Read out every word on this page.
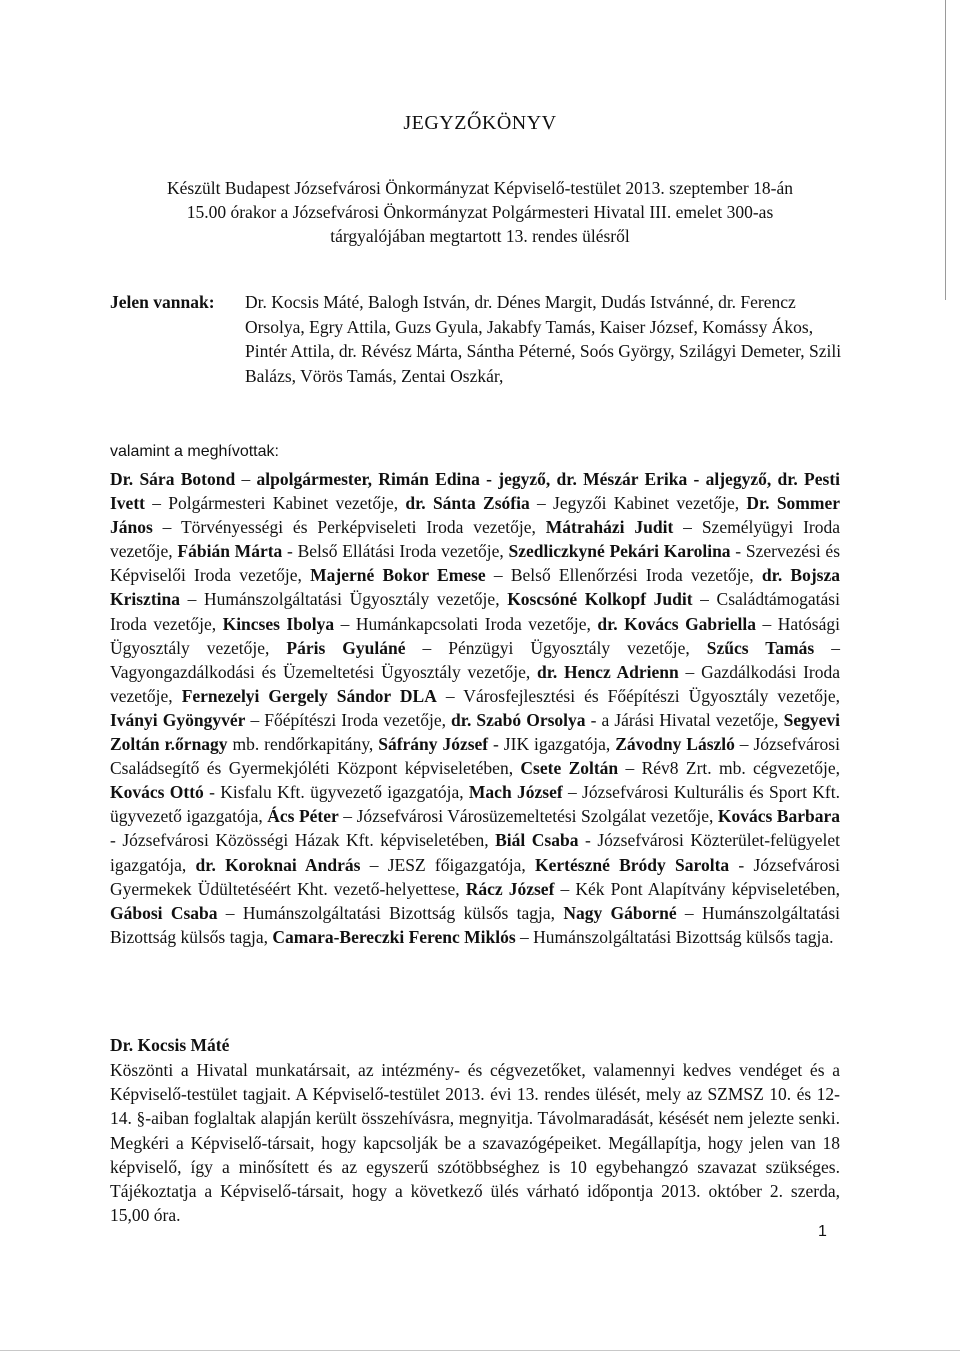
JEGYZŐKÖNYV
Készült Budapest Józsefvárosi Önkormányzat Képviselő-testület 2013. szeptember 18-án
15.00 órakor a Józsefvárosi Önkormányzat Polgármesteri Hivatal III. emelet 300-as
tárgyalójában megtartott 13. rendes ülésről
Jelen vannak:	Dr. Kocsis Máté, Balogh István, dr. Dénes Margit, Dudás Istvánné, dr. Ferencz Orsolya, Egry Attila, Guzs Gyula, Jakabfy Tamás, Kaiser József, Komássy Ákos, Pintér Attila, dr. Révész Márta, Sántha Péterné, Soós György, Szilágyi Demeter, Szili Balázs, Vörös Tamás, Zentai Oszkár,
valamint a meghívottak:
Dr. Sára Botond – alpolgármester, Rimán Edina - jegyző, dr. Mészár Erika - aljegyző, dr. Pesti Ivett – Polgármesteri Kabinet vezetője, dr. Sánta Zsófia – Jegyzői Kabinet vezetője, Dr. Sommer János – Törvényességi és Perképviseleti Iroda vezetője, Mátraházi Judit – Személyügyi Iroda vezetője, Fábián Márta - Belső Ellátási Iroda vezetője, Szedliczkyné Pekári Karolina - Szervezési és Képviselői Iroda vezetője, Majerné Bokor Emese – Belső Ellenőrzési Iroda vezetője, dr. Bojsza Krisztina – Humánszolgáltatási Ügyosztály vezetője, Koscsóné Kolkopf Judit – Családtámogatási Iroda vezetője, Kincses Ibolya – Humánkapcsolati Iroda vezetője, dr. Kovács Gabriella – Hatósági Ügyosztály vezetője, Páris Gyuláné – Pénzügyi Ügyosztály vezetője, Szűcs Tamás – Vagyongazdálkodási és Üzemeltetési Ügyosztály vezetője, dr. Hencz Adrienn – Gazdálkodási Iroda vezetője, Fernezelyi Gergely Sándor DLA – Városfejlesztési és Főépítészi Ügyosztály vezetője, Iványi Gyöngyvér – Főépítészi Iroda vezetője, dr. Szabó Orsolya - a Járási Hivatal vezetője, Segyevi Zoltán r.őrnagy mb. rendőrkapitány, Sáfrány József - JIK igazgatója, Závodny László – Józsefvárosi Családsegítő és Gyermekjóléti Központ képviseletében, Csete Zoltán – Rév8 Zrt. mb. cégvezetője, Kovács Ottó - Kisfalu Kft. ügyvezető igazgatója, Mach József – Józsefvárosi Kulturális és Sport Kft. ügyvezető igazgatója, Ács Péter – Józsefvárosi Városüzemeltetési Szolgálat vezetője, Kovács Barbara - Józsefvárosi Közösségi Házak Kft. képviseletében, Biál Csaba - Józsefvárosi Közterület-felügyelet igazgatója, dr. Koroknai András – JESZ főigazgatója, Kertészné Bródy Sarolta - Józsefvárosi Gyermekek Üdültetéséért Kht. vezető-helyettese, Rácz József – Kék Pont Alapítvány képviseletében, Gábosi Csaba – Humánszolgáltatási Bizottság külsős tagja, Nagy Gáborné – Humánszolgáltatási Bizottság külsős tagja, Camara-Bereczki Ferenc Miklós – Humánszolgáltatási Bizottság külsős tagja.
Dr. Kocsis Máté
Köszönti a Hivatal munkatársait, az intézmény- és cégvezetőket, valamennyi kedves vendéget és a Képviselő-testület tagjait. A Képviselő-testület 2013. évi 13. rendes ülését, mely az SZMSZ 10. és 12-14. §-aiban foglaltak alapján került összehívásra, megnyitja. Távolmaradását, késését nem jelezte senki. Megkéri a Képviselő-társait, hogy kapcsolják be a szavazógépeiket. Megállapítja, hogy jelen van 18 képviselő, így a minősített és az egyszerű szótöbbséghez is 10 egybehangzó szavazat szükséges. Tájékoztatja a Képviselő-társait, hogy a következő ülés várható időpontja 2013. október 2. szerda, 15,00 óra.
1
